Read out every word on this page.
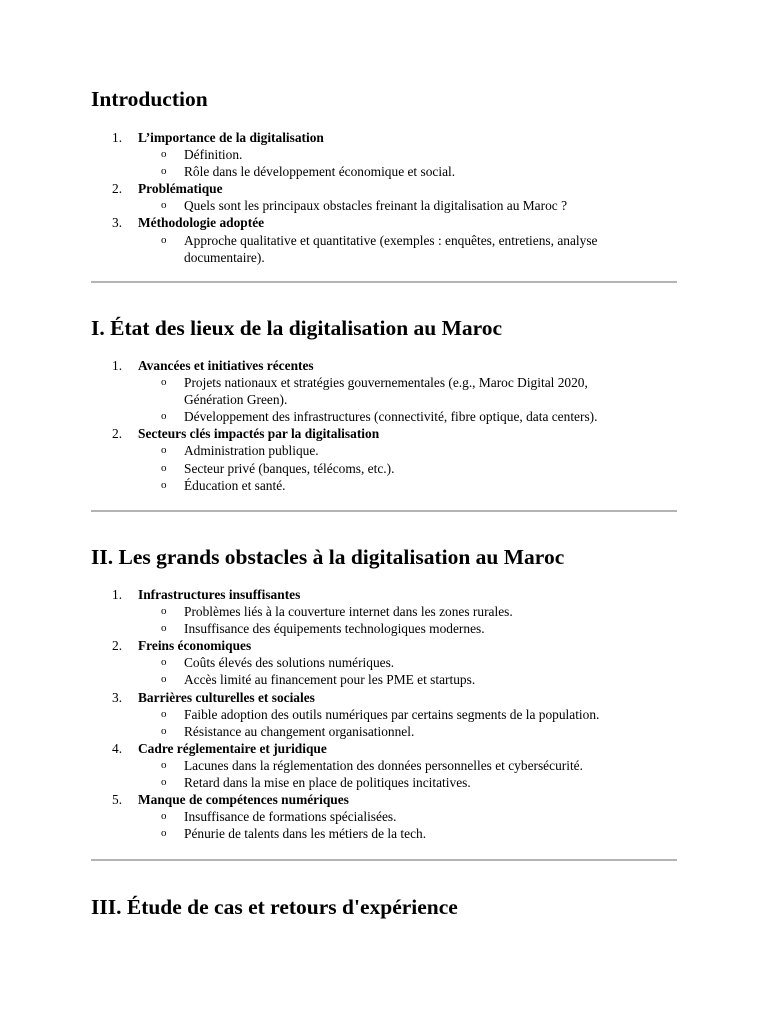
Introduction
1.	L’importance de la digitalisation
o Définition.
o Rôle dans le développement économique et social.
2.	Problématique
o Quels sont les principaux obstacles freinant la digitalisation au Maroc ?
3.	Méthodologie adoptée
o Approche qualitative et quantitative (exemples : enquêtes, entretiens, analyse documentaire).
I. État des lieux de la digitalisation au Maroc
1.	Avancées et initiatives récentes
o Projets nationaux et stratégies gouvernementales (e.g., Maroc Digital 2020, Génération Green).
o Développement des infrastructures (connectivité, fibre optique, data centers).
2.	Secteurs clés impactés par la digitalisation
o Administration publique.
o Secteur privé (banques, télécoms, etc.).
o Éducation et santé.
II. Les grands obstacles à la digitalisation au Maroc
1.	Infrastructures insuffisantes
o Problèmes liés à la couverture internet dans les zones rurales.
o Insuffisance des équipements technologiques modernes.
2.	Freins économiques
o Coûts élevés des solutions numériques.
o Accès limité au financement pour les PME et startups.
3.	Barrières culturelles et sociales
o Faible adoption des outils numériques par certains segments de la population.
o Résistance au changement organisationnel.
4.	Cadre réglementaire et juridique
o Lacunes dans la réglementation des données personnelles et cybersécurité.
o Retard dans la mise en place de politiques incitatives.
5.	Manque de compétences numériques
o Insuffisance de formations spécialisées.
o Pénurie de talents dans les métiers de la tech.
III. Étude de cas et retours d'expérience
